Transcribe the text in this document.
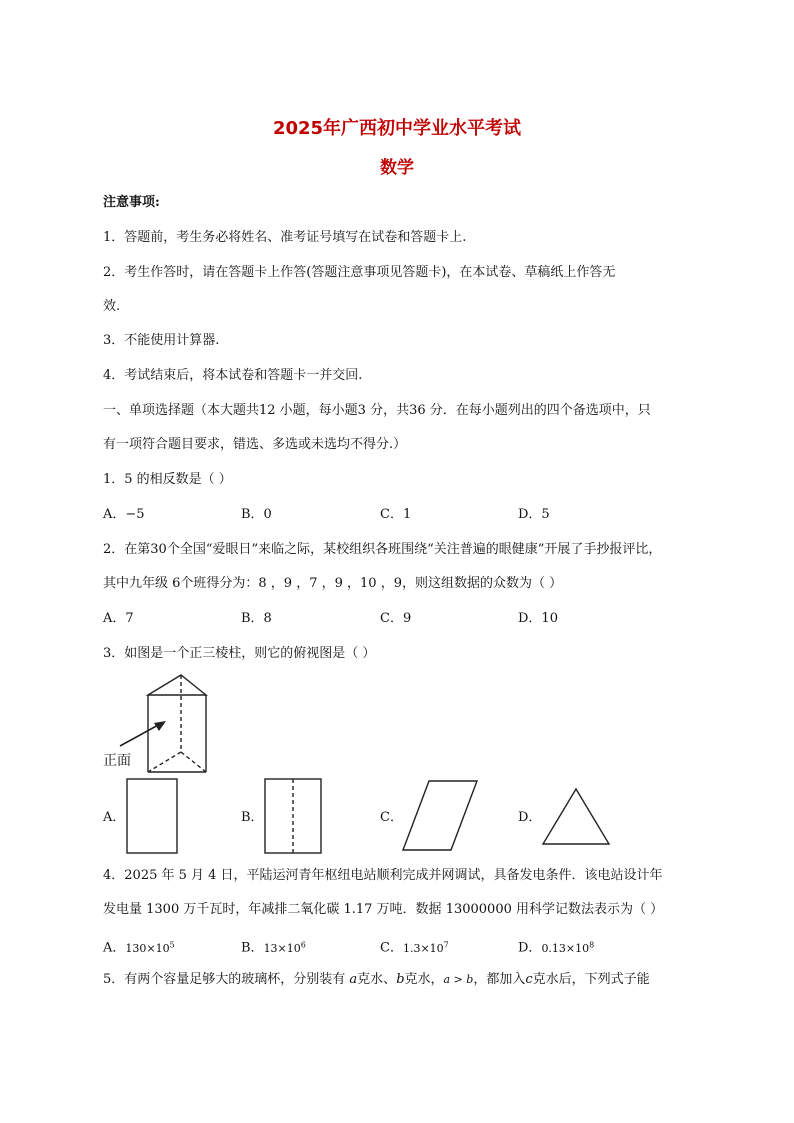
2025年广西初中学业水平考试
数学
注意事项:
1．答题前，考生务必将姓名、准考证号填写在试卷和答题卡上.
2．考生作答时，请在答题卡上作答(答题注意事项见答题卡)，在本试卷、草稿纸上作答无
效.
3．不能使用计算器.
4．考试结束后，将本试卷和答题卡一并交回.
一、单项选择题（本大题共12 小题，每小题3 分，共36 分．在每小题列出的四个备选项中，只
有一项符合题目要求，错选、多选或未选均不得分.）
1．5 的相反数是（ ）
A．−5	B．0	C．1	D．5
2．在第30个全国“爱眼日”来临之际，某校组织各班围绕“关注普遍的眼健康”开展了手抄报评比，
其中九年级 6个班得分为：8 ，9 ，7 ，9 ，10 ，9，则这组数据的众数为（ ）
A．7	B．8	C．9	D．10
3．如图是一个正三棱柱，则它的俯视图是（ ）
正面
A．	B．	C．	D．
4．2025 年 5 月 4 日，平陆运河青年枢纽电站顺利完成并网调试，具备发电条件．该电站设计年
发电量 1300 万千瓦时，年减排二氧化碳 1.17 万吨．数据 13000000 用科学记数法表示为（ ）
A．$130\times 10^5$	B．$13\times 10^6$	C．$1.3\times 10^7$	D．$0.13\times 10^8$
5．有两个容量足够大的玻璃杯，分别装有 a克水、b克水，a > b，都加入c克水后，下列式子能
